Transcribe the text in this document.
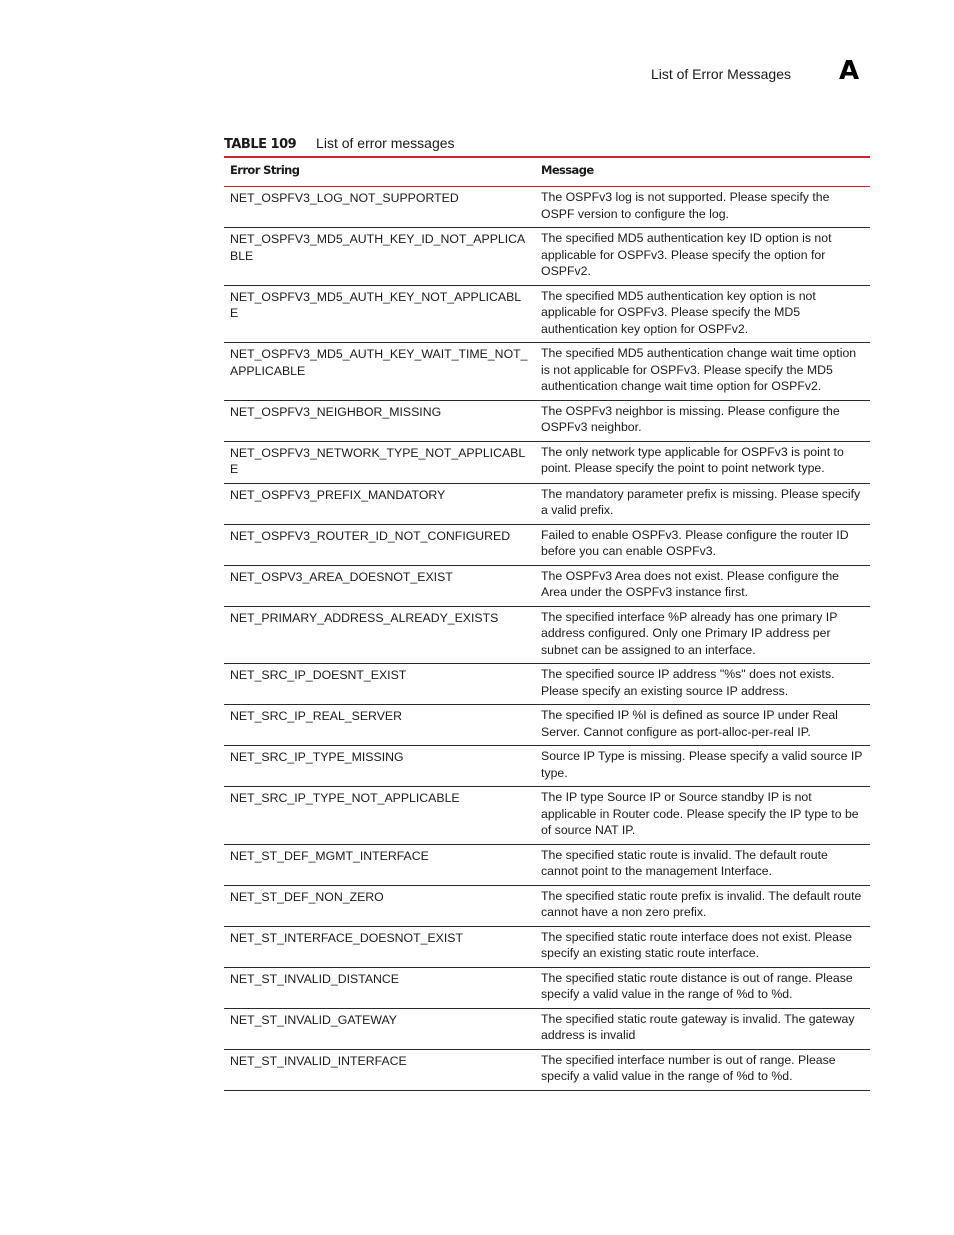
List of Error Messages A
TABLE 109 List of error messages
Error String	Message
NET_OSPFV3_LOG_NOT_SUPPORTED	The OSPFv3 log is not supported. Please specify the OSPF version to configure the log.
NET_OSPFV3_MD5_AUTH_KEY_ID_NOT_APPLICABLE	The specified MD5 authentication key ID option is not applicable for OSPFv3. Please specify the option for OSPFv2.
NET_OSPFV3_MD5_AUTH_KEY_NOT_APPLICABLE	The specified MD5 authentication key option is not applicable for OSPFv3. Please specify the MD5 authentication key option for OSPFv2.
NET_OSPFV3_MD5_AUTH_KEY_WAIT_TIME_NOT_APPLICABLE	The specified MD5 authentication change wait time option is not applicable for OSPFv3. Please specify the MD5 authentication change wait time option for OSPFv2.
NET_OSPFV3_NEIGHBOR_MISSING	The OSPFv3 neighbor is missing. Please configure the OSPFv3 neighbor.
NET_OSPFV3_NETWORK_TYPE_NOT_APPLICABLE	The only network type applicable for OSPFv3 is point to point. Please specify the point to point network type.
NET_OSPFV3_PREFIX_MANDATORY	The mandatory parameter prefix is missing. Please specify a valid prefix.
NET_OSPFV3_ROUTER_ID_NOT_CONFIGURED	Failed to enable OSPFv3. Please configure the router ID before you can enable OSPFv3.
NET_OSPV3_AREA_DOESNOT_EXIST	The OSPFv3 Area does not exist. Please configure the Area under the OSPFv3 instance first.
NET_PRIMARY_ADDRESS_ALREADY_EXISTS	The specified interface %P already has one primary IP address configured. Only one Primary IP address per subnet can be assigned to an interface.
NET_SRC_IP_DOESNT_EXIST	The specified source IP address "%s" does not exists. Please specify an existing source IP address.
NET_SRC_IP_REAL_SERVER	The specified IP %I is defined as source IP under Real Server. Cannot configure as port-alloc-per-real IP.
NET_SRC_IP_TYPE_MISSING	Source IP Type is missing. Please specify a valid source IP type.
NET_SRC_IP_TYPE_NOT_APPLICABLE	The IP type Source IP or Source standby IP is not applicable in Router code. Please specify the IP type to be of source NAT IP.
NET_ST_DEF_MGMT_INTERFACE	The specified static route is invalid. The default route cannot point to the management Interface.
NET_ST_DEF_NON_ZERO	The specified static route prefix is invalid. The default route cannot have a non zero prefix.
NET_ST_INTERFACE_DOESNOT_EXIST	The specified static route interface does not exist. Please specify an existing static route interface.
NET_ST_INVALID_DISTANCE	The specified static route distance is out of range. Please specify a valid value in the range of %d to %d.
NET_ST_INVALID_GATEWAY	The specified static route gateway is invalid. The gateway address is invalid
NET_ST_INVALID_INTERFACE	The specified interface number is out of range. Please specify a valid value in the range of %d to %d.
